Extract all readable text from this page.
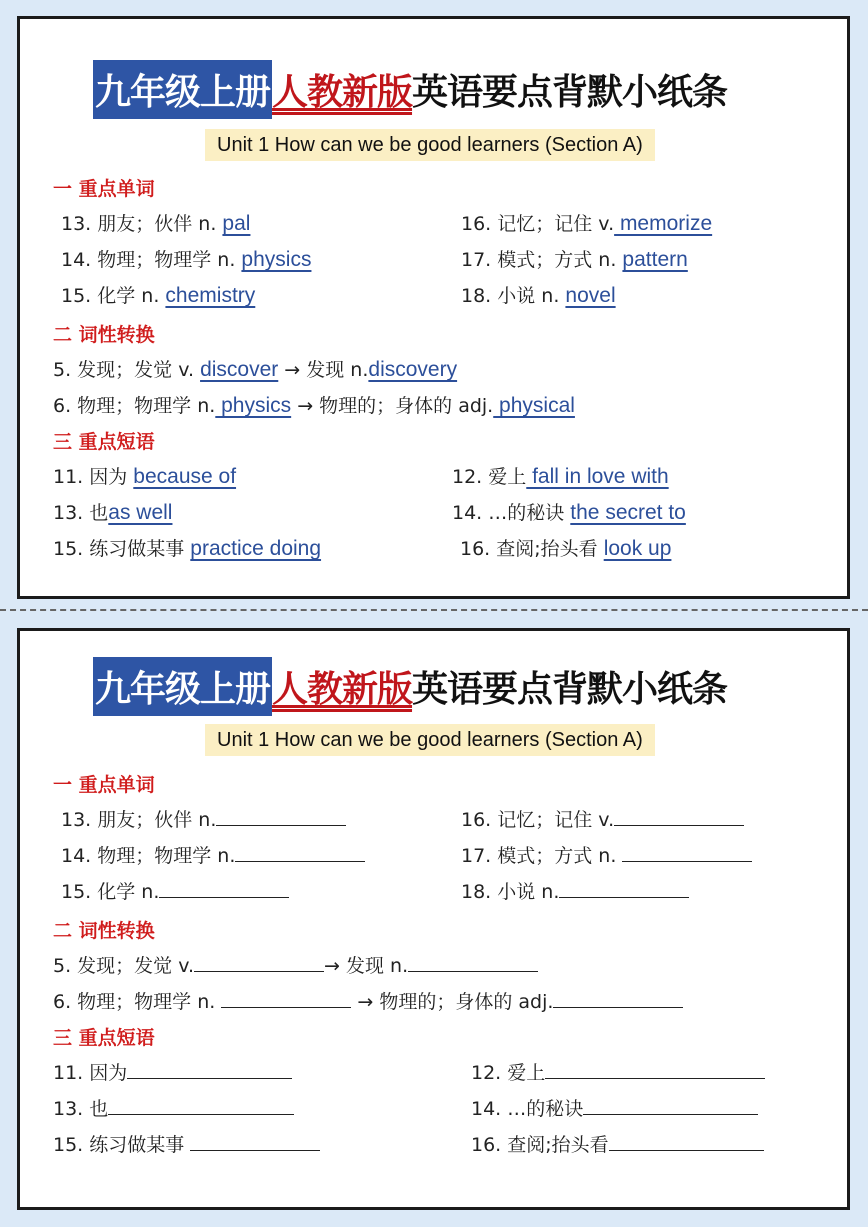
九年级上册 人教新版 英语要点背默小纸条
Unit 1 How can we be good learners (Section A)
一 重点单词
13. 朋友；伙伴 n. pal	16. 记忆；记住 v. memorize
14. 物理；物理学 n. physics	17. 模式；方式 n. pattern
15. 化学 n. chemistry	18. 小说 n. novel
二 词性转换
5. 发现；发觉 v. discover → 发现 n.discovery
6. 物理；物理学 n. physics → 物理的；身体的 adj. physical
三 重点短语
11. 因为 because of	12. 爱上 fall in love with
13. 也as well	14. …的秘诀 the secret to
15. 练习做某事 practice doing	16. 查阅;抬头看 look up
九年级上册 人教新版 英语要点背默小纸条
Unit 1 How can we be good learners (Section A)
一 重点单词
13. 朋友；伙伴 n.	16. 记忆；记住 v.
14. 物理；物理学 n.	17. 模式；方式 n.
15. 化学 n.	18. 小说 n.
二 词性转换
5. 发现；发觉 v.	→ 发现 n.
6. 物理；物理学 n.	→ 物理的；身体的 adj.
三 重点短语
11. 因为	12. 爱上
13. 也	14. …的秘诀
15. 练习做某事	16. 查阅;抬头看
